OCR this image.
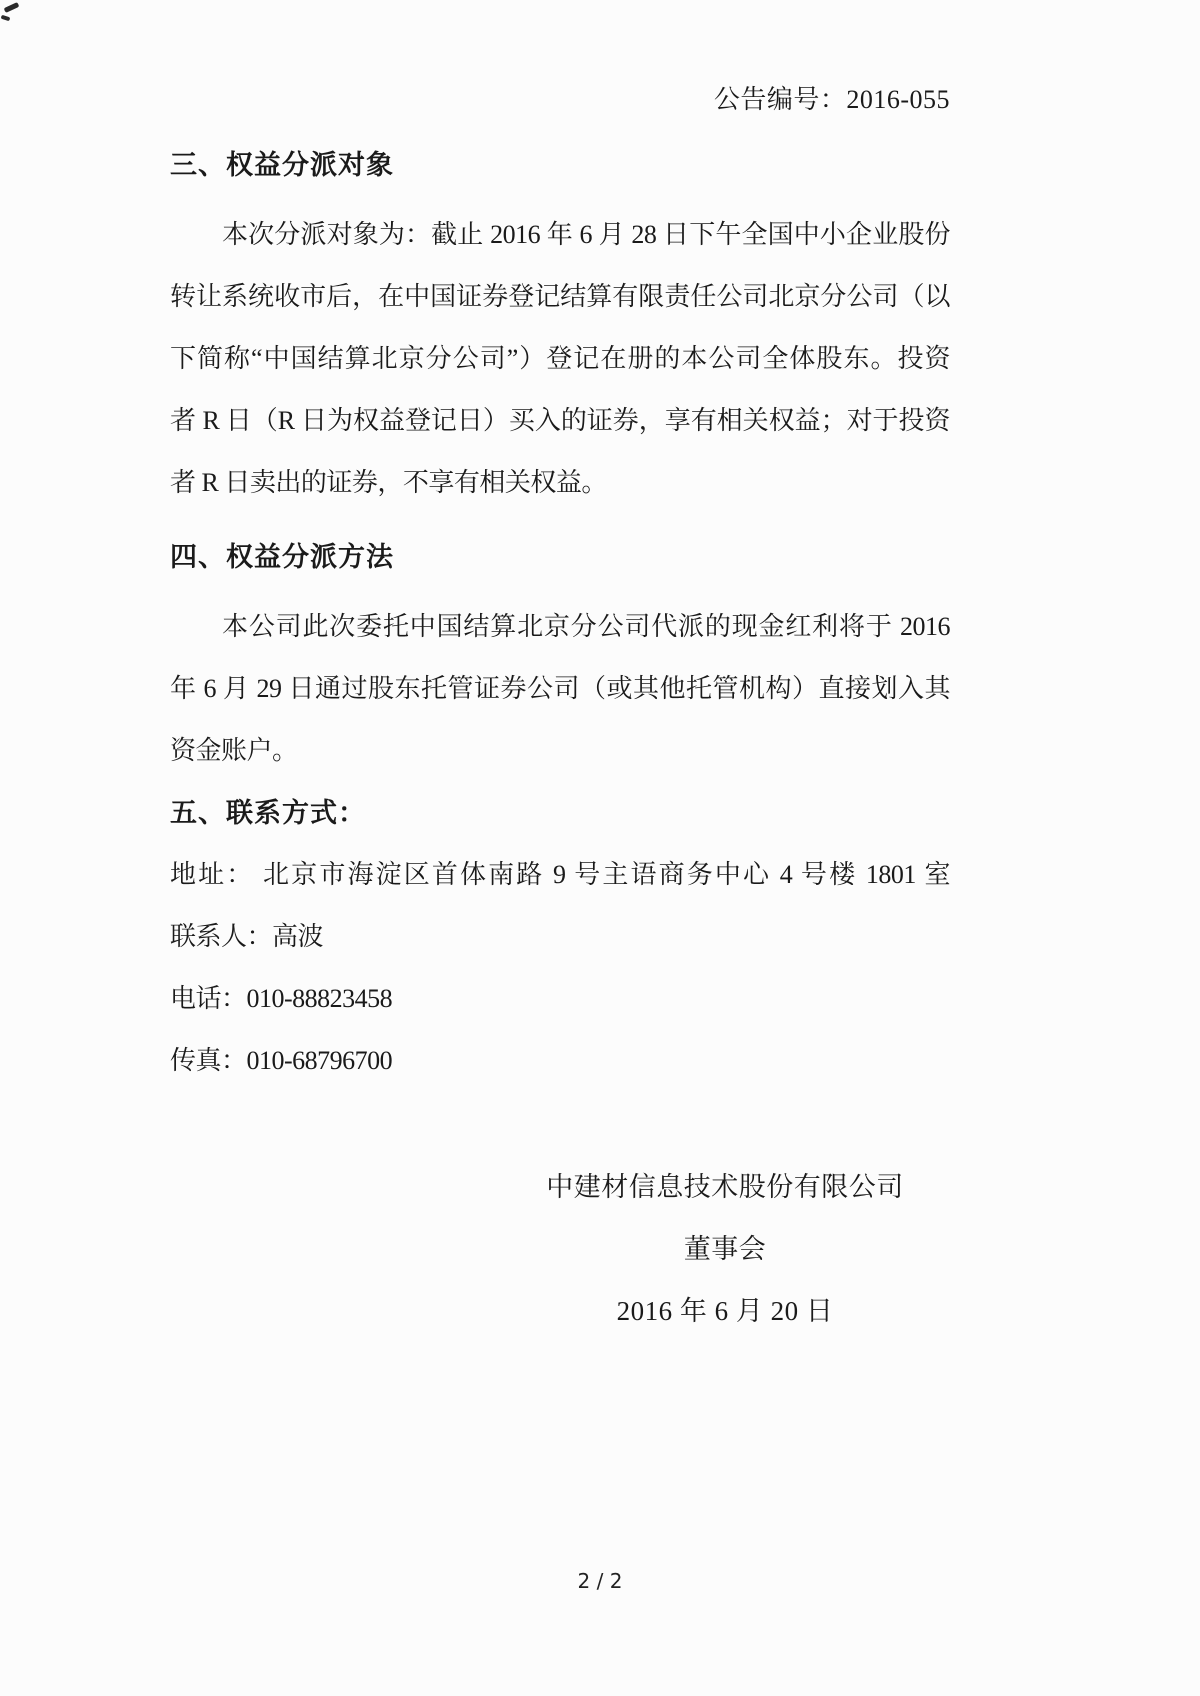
公告编号：2016-055
三、权益分派对象
本次分派对象为：截止 2016 年 6 月 28 日下午全国中小企业股份
转让系统收市后，在中国证券登记结算有限责任公司北京分公司（以
下简称“中国结算北京分公司”）登记在册的本公司全体股东。投资
者 R 日（R 日为权益登记日）买入的证券，享有相关权益；对于投资
者 R 日卖出的证券，不享有相关权益。
四、权益分派方法
本公司此次委托中国结算北京分公司代派的现金红利将于 2016
年 6 月 29 日通过股东托管证券公司（或其他托管机构）直接划入其
资金账户。
五、联系方式：
地址： 北京市海淀区首体南路 9 号主语商务中心 4 号楼 1801 室
联系人：高波
电话：010-88823458
传真：010-68796700
中建材信息技术股份有限公司
董事会
2016 年 6 月 20 日
2 / 2
